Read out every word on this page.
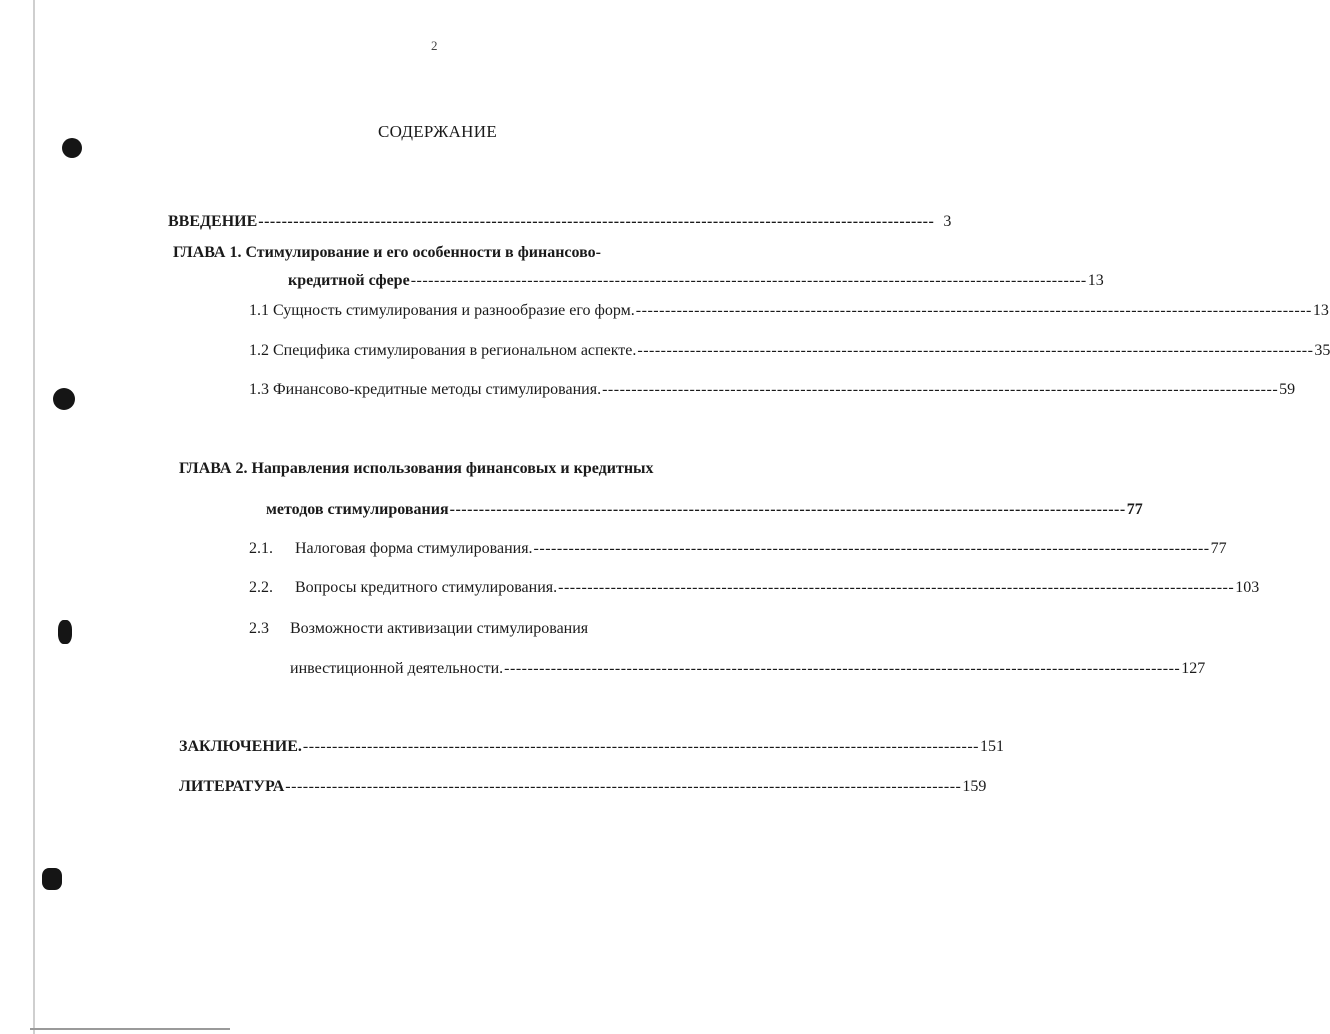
2
СОДЕРЖАНИЕ
ВВЕДЕНИЕ -------------------------------------------------------------------------------------------------------------------- 3
ГЛАВА 1. Стимулирование и его особенности в финансово-
кредитной сфере -------------------------------------------------------------------------------------------------------------------- 13
1.1 Сущность стимулирования и разнообразие его форм. -------------------------------------------------------------------------------------------------------------------- 13
1.2 Специфика стимулирования в региональном аспекте. -------------------------------------------------------------------------------------------------------------------- 35
1.3 Финансово-кредитные методы стимулирования. -------------------------------------------------------------------------------------------------------------------- 59
ГЛАВА 2. Направления использования финансовых и кредитных
методов стимулирования -------------------------------------------------------------------------------------------------------------------- 77
2.1.	Налоговая форма стимулирования. -------------------------------------------------------------------------------------------------------------------- 77
2.2.	Вопросы кредитного стимулирования. -------------------------------------------------------------------------------------------------------------------- 103
2.3 Возможности активизации стимулирования
инвестиционной деятельности. -------------------------------------------------------------------------------------------------------------------- 127
ЗАКЛЮЧЕНИЕ. -------------------------------------------------------------------------------------------------------------------- 151
ЛИТЕРАТУРА -------------------------------------------------------------------------------------------------------------------- 159
